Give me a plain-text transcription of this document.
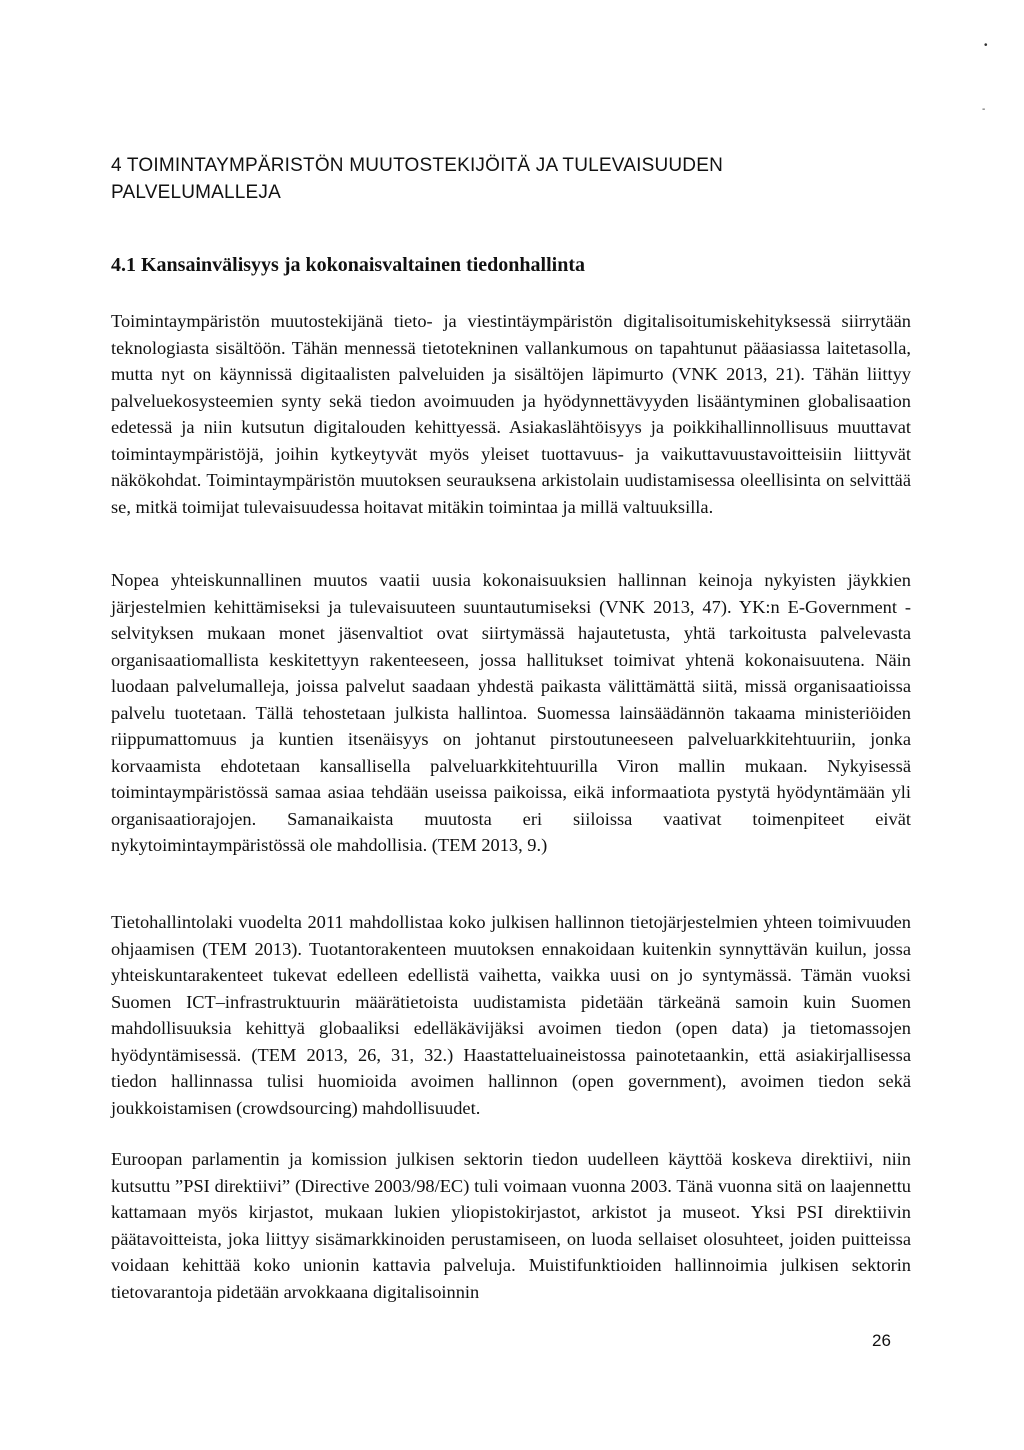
•
-
4 TOIMINTAYMPÄRISTÖN MUUTOSTEKIJÖITÄ JA TULEVAISUUDEN PALVELUMALLEJA
4.1 Kansainvälisyys ja kokonaisvaltainen tiedonhallinta

Toimintaympäristön muutostekijänä tieto- ja viestintäympäristön digitalisoitumiskehityksessä siirrytään teknologiasta sisältöön. Tähän mennessä tietotekninen vallankumous on tapahtunut pääasiassa laitetasolla, mutta nyt on käynnissä digitaalisten palveluiden ja sisältöjen läpimurto (VNK 2013, 21). Tähän liittyy palveluekosysteemien synty sekä tiedon avoimuuden ja hyödynnettävyyden lisääntyminen globalisaation edetessä ja niin kutsutun digitalouden kehittyessä. Asiakaslähtöisyys ja poikkihallinnollisuus muuttavat toimintaympäristöjä, joihin kytkeytyvät myös yleiset tuottavuus- ja vaikuttavuustavoitteisiin liittyvät näkökohdat. Toimintaympäristön muutoksen seurauksena arkistolain uudistamisessa oleellisinta on selvittää se, mitkä toimijat tulevaisuudessa hoitavat mitäkin toimintaa ja millä valtuuksilla.

Nopea yhteiskunnallinen muutos vaatii uusia kokonaisuuksien hallinnan keinoja nykyisten jäykkien järjestelmien kehittämiseksi ja tulevaisuuteen suuntautumiseksi (VNK 2013, 47). YK:n E-Government -selvityksen mukaan monet jäsenvaltiot ovat siirtymässä hajautetusta, yhtä tarkoitusta palvelevasta organisaatiomallista keskitettyyn rakenteeseen, jossa hallitukset toimivat yhtenä kokonaisuutena. Näin luodaan palvelumalleja, joissa palvelut saadaan yhdestä paikasta välittämättä siitä, missä organisaatioissa palvelu tuotetaan. Tällä tehostetaan julkista hallintoa. Suomessa lainsäädännön takaama ministeriöiden riippumattomuus ja kuntien itsenäisyys on johtanut pirstoutuneeseen palveluarkkitehtuuriin, jonka korvaamista ehdotetaan kansallisella palveluarkkitehtuurilla Viron mallin mukaan. Nykyisessä toimintaympäristössä samaa asiaa tehdään useissa paikoissa, eikä informaatiota pystytä hyödyntämään yli organisaatiorajojen. Samanaikaista muutosta eri siiloissa vaativat toimenpiteet eivät nykytoimintaympäristössä ole mahdollisia. (TEM 2013, 9.)

Tietohallintolaki vuodelta 2011 mahdollistaa koko julkisen hallinnon tietojärjestelmien yhteen toimivuuden ohjaamisen (TEM 2013). Tuotantorakenteen muutoksen ennakoidaan kuitenkin synnyttävän kuilun, jossa yhteiskuntarakenteet tukevat edelleen edellistä vaihetta, vaikka uusi on jo syntymässä. Tämän vuoksi Suomen ICT–infrastruktuurin määrätietoista uudistamista pidetään tärkeänä samoin kuin Suomen mahdollisuuksia kehittyä globaaliksi edelläkävijäksi avoimen tiedon (open data) ja tietomassojen hyödyntämisessä. (TEM 2013, 26, 31, 32.) Haastatteluaineistossa painotetaankin, että asiakirjallisessa tiedon hallinnassa tulisi huomioida avoimen hallinnon (open government), avoimen tiedon sekä joukkoistamisen (crowdsourcing) mahdollisuudet.

Euroopan parlamentin ja komission julkisen sektorin tiedon uudelleen käyttöä koskeva direktiivi, niin kutsuttu ”PSI direktiivi” (Directive 2003/98/EC) tuli voimaan vuonna 2003. Tänä vuonna sitä on laajennettu kattamaan myös kirjastot, mukaan lukien yliopistokirjastot, arkistot ja museot. Yksi PSI direktiivin päätavoitteista, joka liittyy sisämarkkinoiden perustamiseen, on luoda sellaiset olosuhteet, joiden puitteissa voidaan kehittää koko unionin kattavia palveluja. Muistifunktioiden hallinnoimia julkisen sektorin tietovarantoja pidetään arvokkaana digitalisoinnin

26
